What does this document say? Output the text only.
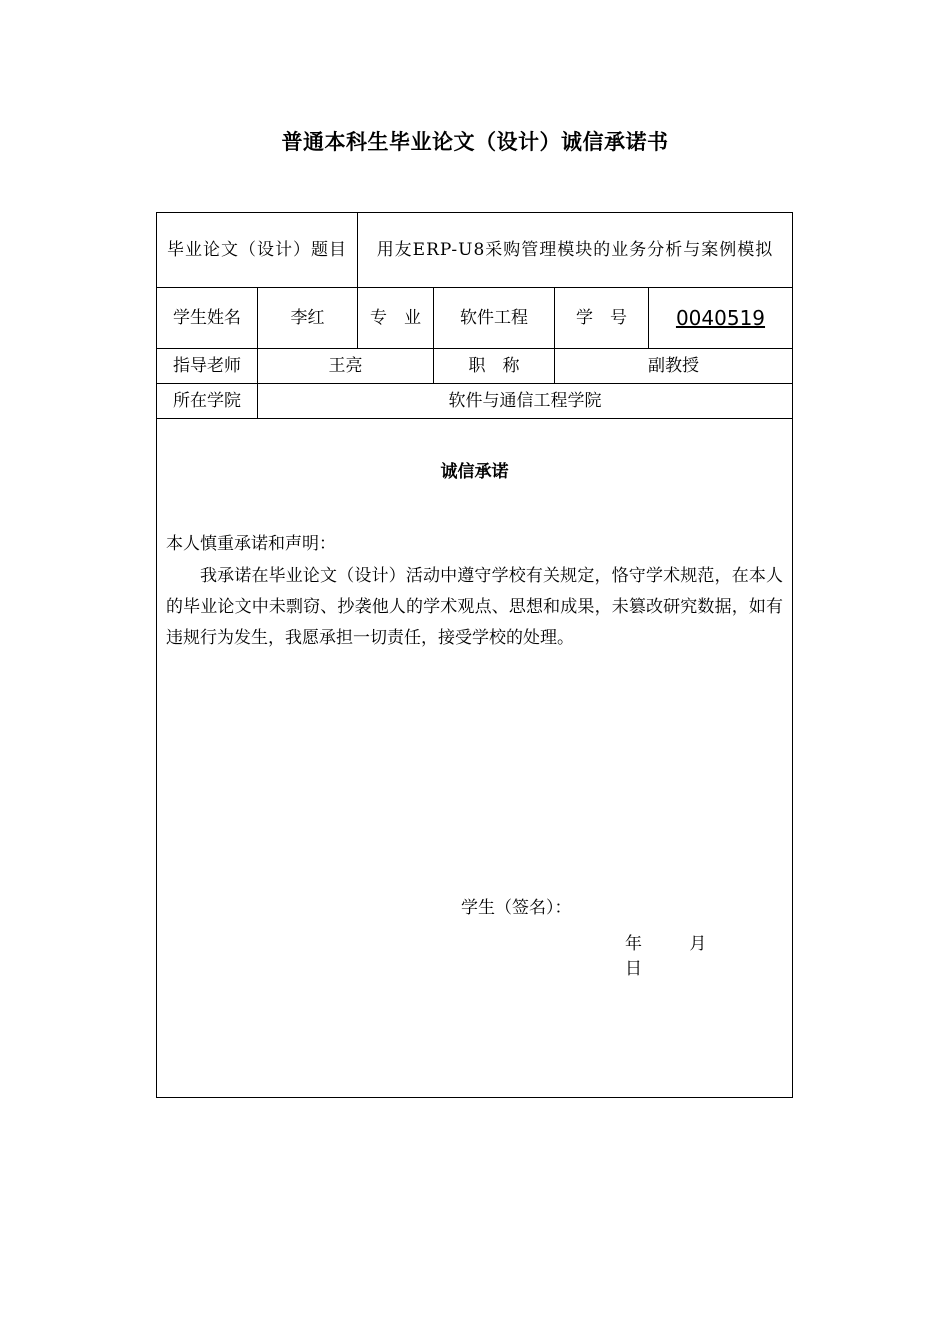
普通本科生毕业论文（设计）诚信承诺书
毕业论文（设计）题目	用友ERP-U8采购管理模块的业务分析与案例模拟
学生姓名	李红	专　业 软件工程	学　号 0040519
指导老师	王亮	职　称	副教授
所在学院	软件与通信工程学院
诚信承诺
本人慎重承诺和声明：
我承诺在毕业论文（设计）活动中遵守学校有关规定，恪守学术规范，在本人的毕业论文中未剽窃、抄袭他人的学术观点、思想和成果，未篡改研究数据，如有违规行为发生，我愿承担一切责任，接受学校的处理。
学生（签名）：
年	月 日
